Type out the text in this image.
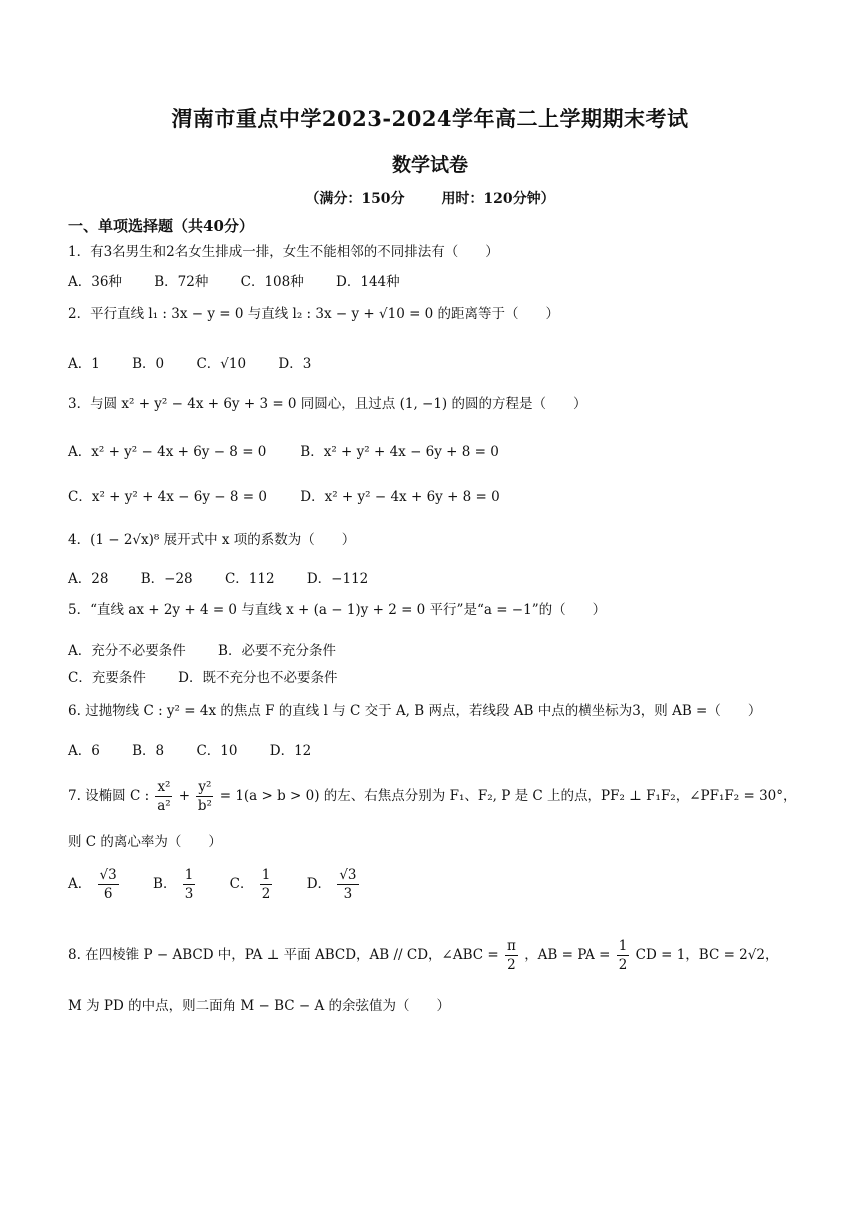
渭南市重点中学2023-2024学年高二上学期期末考试
数学试卷
（满分：150分	用时：120分钟）
一、单项选择题（共40分）
1．有3名男生和2名女生排成一排，女生不能相邻的不同排法有（　　）
A．36种 B．72种 C．108种 D．144种
2．平行直线 l₁ : 3x − y = 0 与直线 l₂ : 3x − y + √10 = 0 的距离等于（　　）
A．1 B．0 C．√10 D．3
3．与圆 x² + y² − 4x + 6y + 3 = 0 同圆心，且过点 (1, −1) 的圆的方程是（　　）
A．x² + y² − 4x + 6y − 8 = 0	B．x² + y² + 4x − 6y + 8 = 0
C．x² + y² + 4x − 6y − 8 = 0 D．x² + y² − 4x + 6y + 8 = 0
4．(1 − 2√x)⁸ 展开式中 x 项的系数为（　　）
A．28 B．−28 C．112 D．−112
5．“直线 ax + 2y + 4 = 0 与直线 x + (a − 1)y + 2 = 0 平行”是“a = −1”的（　　）
A．充分不必要条件 B．必要不充分条件
C．充要条件 D．既不充分也不必要条件
6. 过抛物线 C : y² = 4x 的焦点 F 的直线 l 与 C 交于 A, B 两点，若线段 AB 中点的横坐标为3，则 AB =（　　）
A．6 B．8 C．10 D．12
7. 设椭圆 C : $\frac{\text{x²}}{\text{a²}} + \frac{\text{y²}}{\text{b²}} = 1(a > b > 0)$ 的左、右焦点分别为 F₁、F₂, P 是 C 上的点，PF₂ ⊥ F₁F₂，∠PF₁F₂ = 30°，
则 C 的离心率为（　　）
A． $\frac{√3}{6}$	B． $\frac{1}{3}$	C． $\frac{1}{2}$	D． $\frac{√3}{3}$
8. 在四棱锥 P − ABCD 中，PA ⊥ 平面 ABCD，AB // CD，∠ABC = $\frac{\pi}{2}$ ，AB = PA = $\frac{1}{2}$ CD = 1，BC = 2√2，
M 为 PD 的中点，则二面角 M − BC − A 的余弦值为（　　）
